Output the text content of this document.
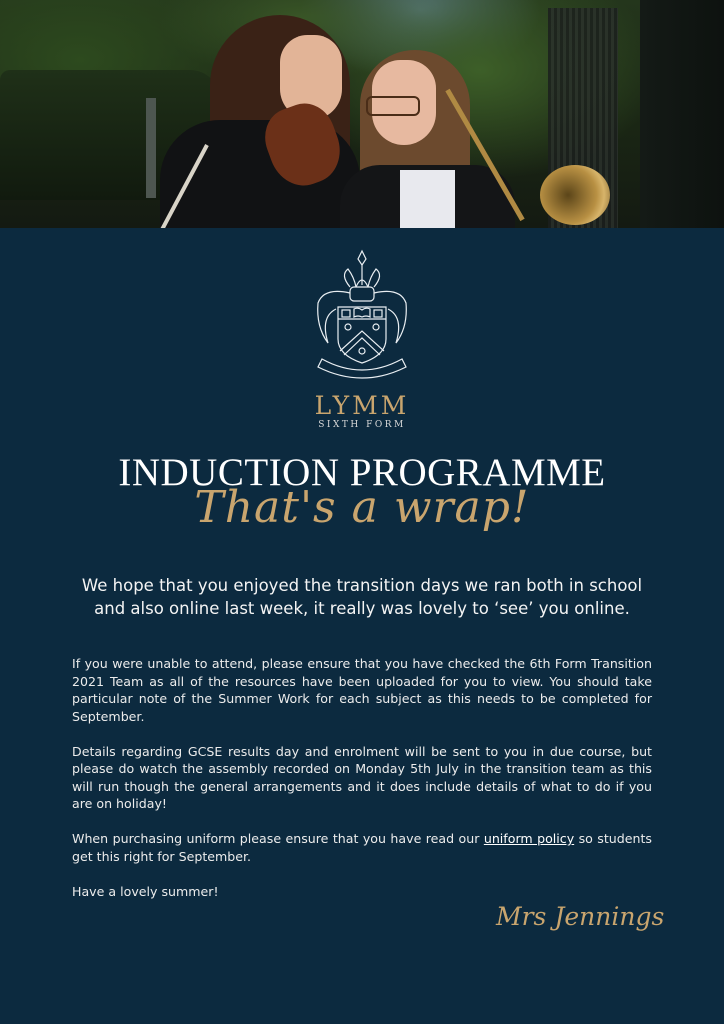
LYMM
SIXTH FORM
INDUCTION PROGRAMME
That's a wrap!
We hope that you enjoyed the transition days we ran both in school and also online last week, it really was lovely to ‘see’ you online.

If you were unable to attend, please ensure that you have checked the 6th Form Transition 2021 Team as all of the resources have been uploaded for you to view. You should take particular note of the Summer Work for each subject as this needs to be completed for September.

Details regarding GCSE results day and enrolment will be sent to you in due course, but please do watch the assembly recorded on Monday 5th July in the transition team as this will run though the general arrangements and it does include details of what to do if you are on holiday!

When purchasing uniform please ensure that you have read our uniform policy so students get this right for September.

Have a lovely summer!

Mrs Jennings
